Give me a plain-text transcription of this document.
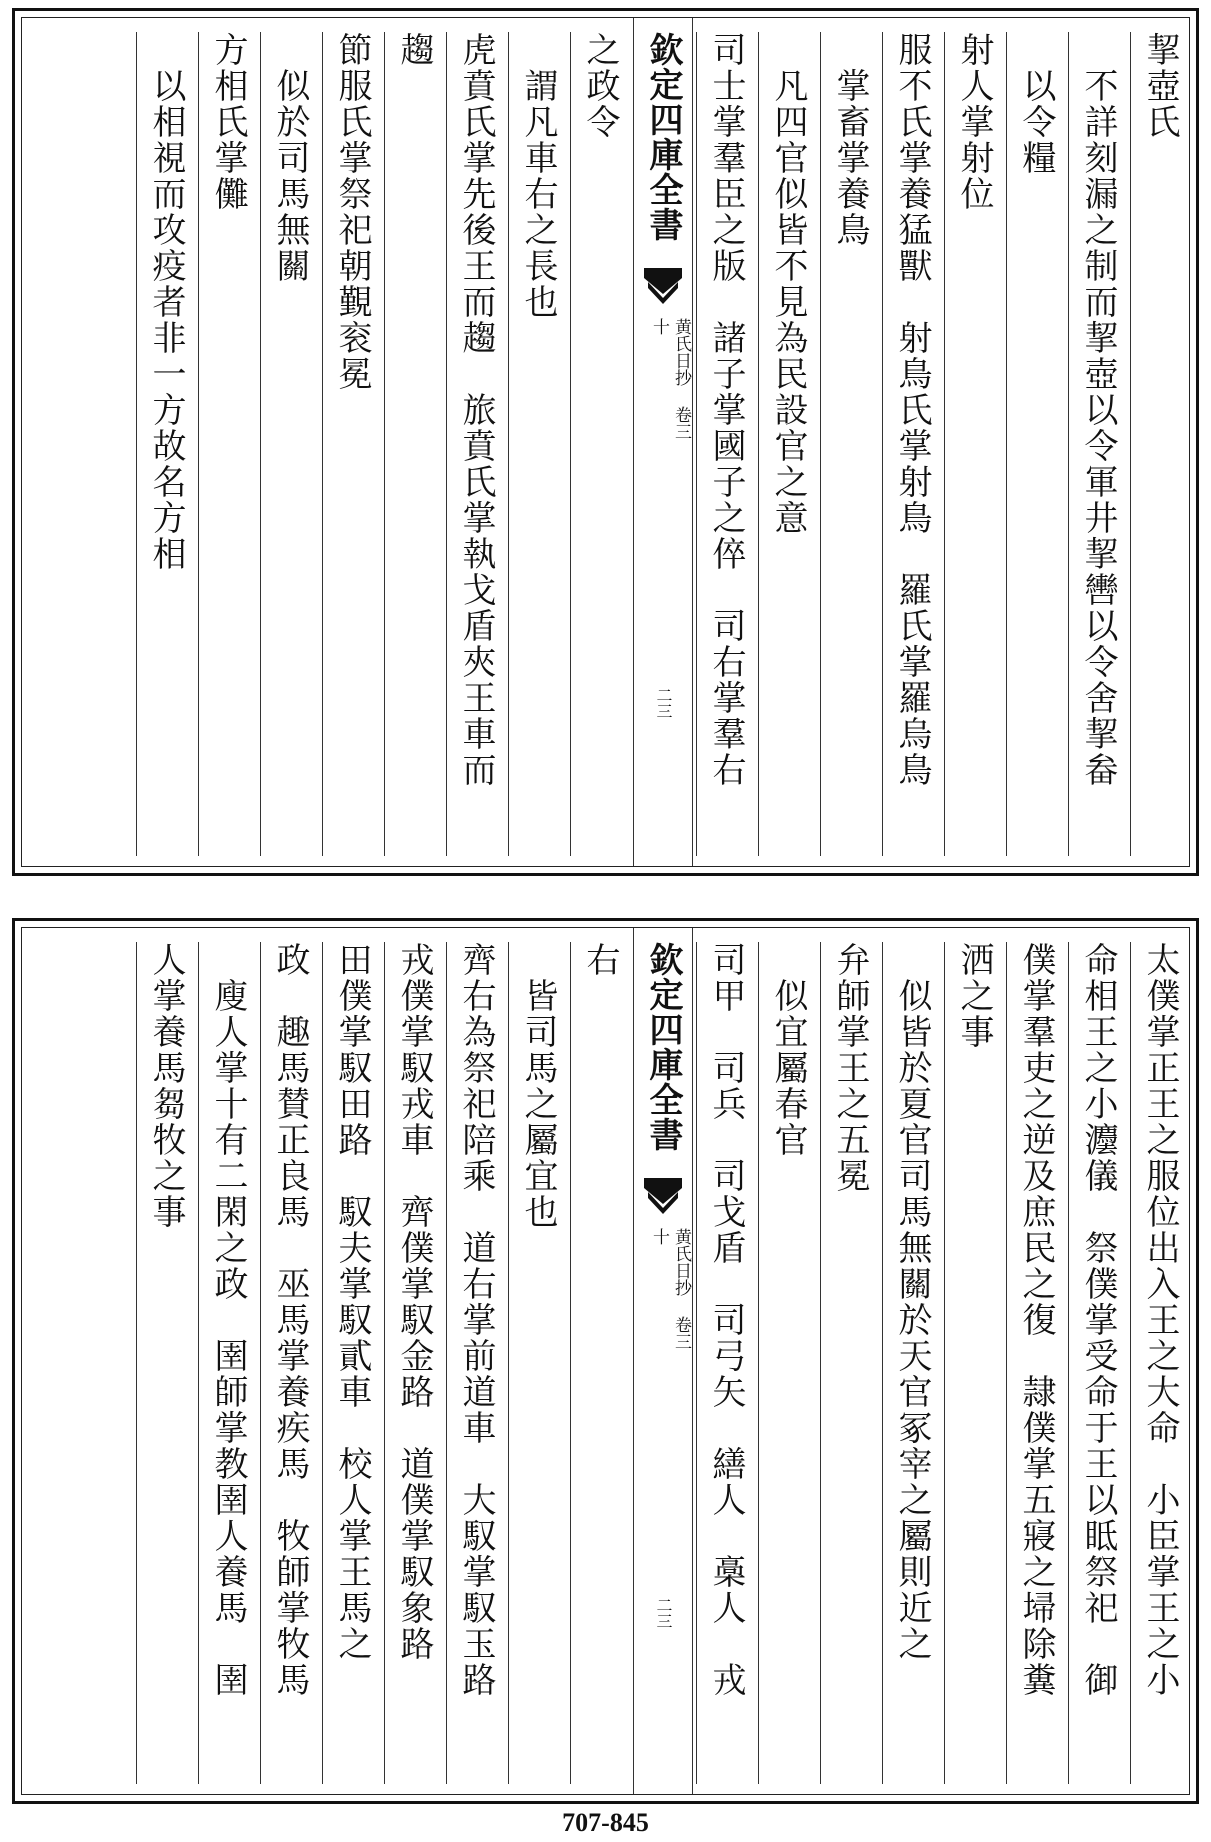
挈壺氏
　不詳刻漏之制而挈壺以令軍井挈轡以令舍挈畚
　以令糧
射人掌射位
服不氏掌養猛獸　射鳥氏掌射鳥　羅氏掌羅烏鳥
　掌畜掌養鳥
　凡四官似皆不見為民設官之意
司士掌羣臣之版　諸子掌國子之倅　司右掌羣右
欽定四庫全書
黄氏日抄 卷三十
二三
之政令
　謂凡車右之長也
虎賁氏掌先後王而趨　旅賁氏掌執戈盾夾王車而
趨
節服氏掌祭祀朝覲衮冕
　似於司馬無關
方相氏掌儺
　以相視而攻疫者非一方故名方相
太僕掌正王之服位出入王之大命　小臣掌王之小
命相王之小灋儀　祭僕掌受命于王以眡祭祀　御
僕掌羣吏之逆及庶民之復　隷僕掌五寢之埽除糞
洒之事
　似皆於夏官司馬無關於天官冢宰之屬則近之
弁師掌王之五冕
　似宜屬春官
司甲　司兵　司戈盾　司弓矢　繕人　槀人　戎
欽定四庫全書
黄氏日抄 卷三十
二三
右
　皆司馬之屬宜也
齊右為祭祀陪乘　道右掌前道車　大馭掌馭玉路
戎僕掌馭戎車　齊僕掌馭金路　道僕掌馭象路
田僕掌馭田路　馭夫掌馭貳車　校人掌王馬之
政　趣馬賛正良馬　巫馬掌養疾馬　牧師掌牧馬
　廋人掌十有二閑之政　圉師掌教圉人養馬　圉
人掌養馬芻牧之事
707-845
